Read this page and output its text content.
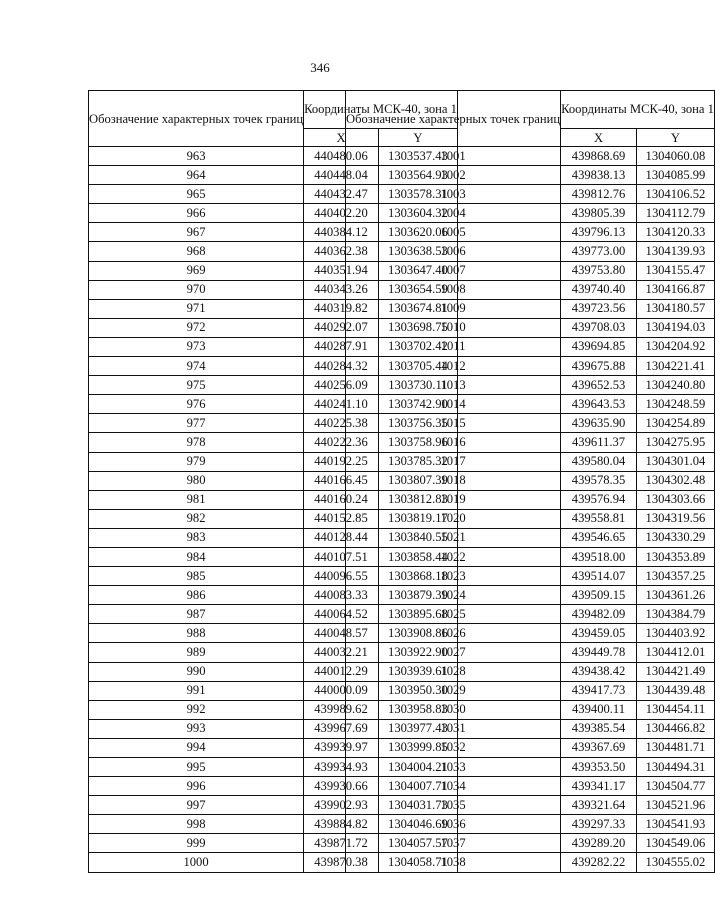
346
Обозначение характерных точек границ	Координаты МСК-40, зона 1	
	X	Y
963	440480.06	1303537.43
964	440448.04	1303564.93
965	440432.47	1303578.31
966	440402.20	1303604.32
967	440384.12	1303620.06
968	440362.38	1303638.53
969	440351.94	1303647.40
970	440343.26	1303654.59
971	440319.82	1303674.81
972	440292.07	1303698.75
973	440287.91	1303702.42
974	440284.32	1303705.44
975	440256.09	1303730.11
976	440241.10	1303742.90
977	440225.38	1303756.35
978	440222.36	1303758.96
979	440192.25	1303785.32
980	440166.45	1303807.39
981	440160.24	1303812.83
982	440152.85	1303819.17
983	440128.44	1303840.55
984	440107.51	1303858.44
985	440096.55	1303868.18
986	440083.33	1303879.39
987	440064.52	1303895.68
988	440048.57	1303908.86
989	440032.21	1303922.90
990	440012.29	1303939.61
991	440000.09	1303950.30
992	439989.62	1303958.83
993	439967.69	1303977.43
994	439939.97	1303999.85
995	439934.93	1304004.21
996	439930.66	1304007.71
997	439902.93	1304031.73
998	439884.82	1304046.69
999	439871.72	1304057.57
1000	439870.38	1304058.71
Обозначение характерных точек границ	Координаты МСК-40, зона 1	
	X	Y
1001	439868.69	1304060.08
1002	439838.13	1304085.99
1003	439812.76	1304106.52
1004	439805.39	1304112.79
1005	439796.13	1304120.33
1006	439773.00	1304139.93
1007	439753.80	1304155.47
1008	439740.40	1304166.87
1009	439723.56	1304180.57
1010	439708.03	1304194.03
1011	439694.85	1304204.92
1012	439675.88	1304221.41
1013	439652.53	1304240.80
1014	439643.53	1304248.59
1015	439635.90	1304254.89
1016	439611.37	1304275.95
1017	439580.04	1304301.04
1018	439578.35	1304302.48
1019	439576.94	1304303.66
1020	439558.81	1304319.56
1021	439546.65	1304330.29
1022	439518.00	1304353.89
1023	439514.07	1304357.25
1024	439509.15	1304361.26
1025	439482.09	1304384.79
1026	439459.05	1304403.92
1027	439449.78	1304412.01
1028	439438.42	1304421.49
1029	439417.73	1304439.48
1030	439400.11	1304454.11
1031	439385.54	1304466.82
1032	439367.69	1304481.71
1033	439353.50	1304494.31
1034	439341.17	1304504.77
1035	439321.64	1304521.96
1036	439297.33	1304541.93
1037	439289.20	1304549.06
1038	439282.22	1304555.02
